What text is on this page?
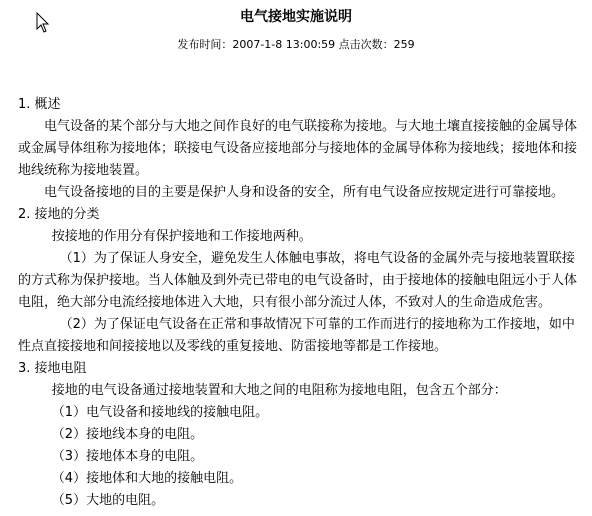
电气接地实施说明
发布时间：2007-1-8 13:00:59 点击次数：259

1. 概述

电气设备的某个部分与大地之间作良好的电气联接称为接地。与大地土壤直接接触的金属导体或金属导体组称为接地体；联接电气设备应接地部分与接地体的金属导体称为接地线；接地体和接地线统称为接地装置。

电气设备接地的目的主要是保护人身和设备的安全，所有电气设备应按规定进行可靠接地。

2. 接地的分类

按接地的作用分有保护接地和工作接地两种。

（1）为了保证人身安全，避免发生人体触电事故，将电气设备的金属外壳与接地装置联接的方式称为保护接地。当人体触及到外壳已带电的电气设备时，由于接地体的接触电阻远小于人体电阻，绝大部分电流经接地体进入大地，只有很小部分流过人体，不致对人的生命造成危害。

（2）为了保证电气设备在正常和事故情况下可靠的工作而进行的接地称为工作接地，如中性点直接接地和间接接地以及零线的重复接地、防雷接地等都是工作接地。

3. 接地电阻

接地的电气设备通过接地装置和大地之间的电阻称为接地电阻，包含五个部分：

（1）电气设备和接地线的接触电阻。

（2）接地线本身的电阻。

（3）接地体本身的电阻。

（4）接地体和大地的接触电阻。

（5）大地的电阻。
